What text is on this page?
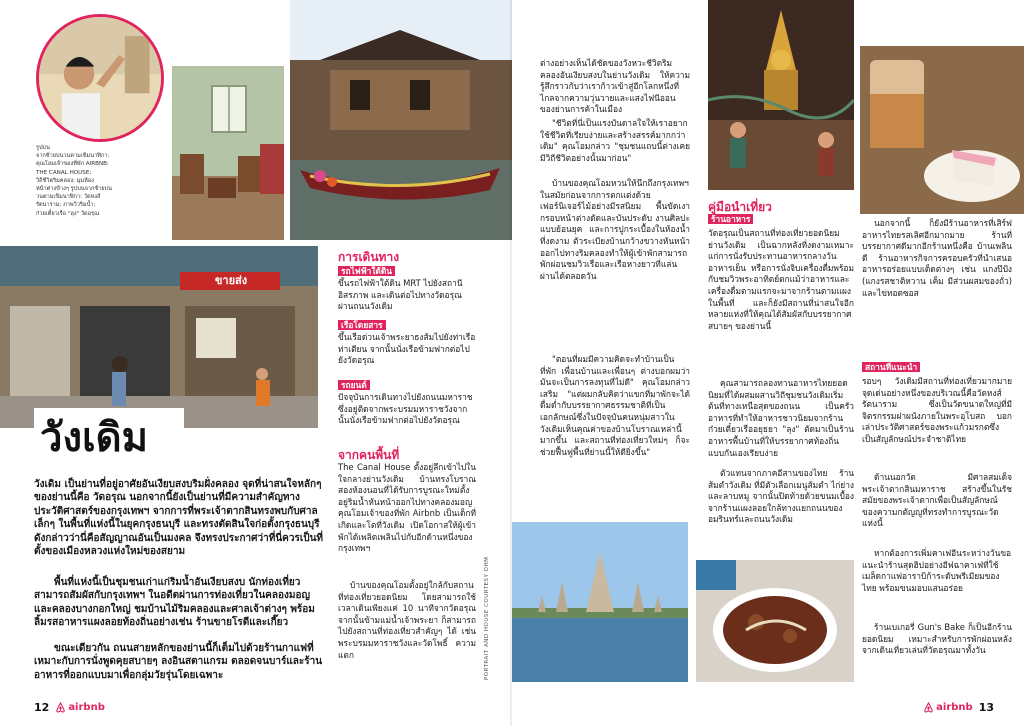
รูปบน
จากซ้ายบนวนตามเข็มนาฬิกา:
คุณโอมเจ้าของที่พัก AIRBNB:
THE CANAL HOUSE;
วิถีชีวิตริมคลอง; มุมห้อง
หน้าต่างข้างๆ รูปบนจากซ้ายบน
วนตามเข็มนาฬิกา: วัดหงส์
รัตนาราม; ภาพวิวริมน้ำ;
ก๋วยเตี๋ยวเรือ "ลุง" วัดอรุณ
ขายส่ง
วังเดิม
วังเดิม เป็นย่านที่อยู่อาศัยอันเงียบสงบริมฝั่งคลอง จุดที่น่าสนใจหลักๆ ของย่านนี้คือ วัดอรุณ นอกจากนี้ยังเป็นย่านที่มีความสำคัญทางประวัติศาสตร์ของกรุงเทพฯ จากการที่พระเจ้าตากสินทรงพบกับศาลเล็กๆ ในพื้นที่แห่งนี้ในยุคกรุงธนบุรี และทรงตัดสินใจก่อตั้งกรุงธนบุรีดังกล่าวว่านี่คือสัญญาณอันเป็นมงคล จึงทรงประกาศว่าที่นี่ควรเป็นที่ตั้งของเมืองหลวงแห่งใหม่ของสยาม
พื้นที่แห่งนี้เป็นชุมชนเก่าแก่ริมน้ำอันเงียบสงบ นักท่องเที่ยวสามารถสัมผัสกับกรุงเทพฯ ในอดีตผ่านการท่องเที่ยวในคลองมอญ และคลองบางกอกใหญ่ ชมบ้านไม้ริมคลองและศาลเจ้าต่างๆ พร้อมลิ้มรสอาหารแผงลอยท้องถิ่นอย่างเช่น ร้านขายโรตีและเกี๊ยว
ขณะเดียวกัน ถนนสายหลักของย่านนี้ก็เต็มไปด้วยร้านกาแฟที่เหมาะกับการนั่งพูดคุยสบายๆ ลงอินสตาแกรม ตลอดจนบาร์และร้านอาหารที่ออกแบบมาเพื่อกลุ่มวัยรุ่นโดยเฉพาะ
การเดินทาง
รถไฟฟ้าใต้ดิน
ขึ้นรถไฟฟ้าใต้ดิน MRT ไปยังสถานีอิสรภาพ และเดินต่อไปทางวัดอรุณผ่านถนนวังเดิม
เรือโดยสาร
ขึ้นเรือด่วนเจ้าพระยาธงส้มไปยังท่าเรือท่าเตียน จากนั้นนั่งเรือข้ามฟากต่อไปยังวัดอรุณ
รถยนต์
ปัจจุบันการเดินทางไปยังถนนมหาราชซึ่งอยู่ติดจากพระบรมมหาราชวังจากนั้นนั่งเรือข้ามฟากต่อไปยังวัดอรุณ
จากคนพื้นที่
The Canal House ตั้งอยู่ลึกเข้าไปในใจกลางย่านวังเดิม บ้านทรงโบราณสองห้องนอนที่ได้รับการบูรณะใหม่ตั้งอยู่ริมน้ำหันหน้าออกไปทางคลองมอญ คุณโอมเจ้าของที่พัก Airbnb เป็นเด็กที่เกิดและโตที่วังเดิม เปิดโอกาสให้ผู้เข้าพักได้เพลิดเพลินไปกับอีกด้านหนึ่งของกรุงเทพฯ
บ้านของคุณโอมตั้งอยู่ใกล้กับสถานที่ท่องเที่ยวยอดนิยม โดยสามารถใช้เวลาเดินเพียงแค่ 10 นาทีจากวัดอรุณ จากนั้นข้ามแม่น้ำเจ้าพระยา ก็สามารถไปยังสถานที่ท่องเที่ยวสำคัญๆ ได้ เช่น พระบรมมหาราชวังและวัดโพธิ์ ความแตก	PORTRAIT AND HOUSE COURTESY OHM
12 airbnb
ต่างอย่างเห็นได้ชัดของวังหวะชีวิตริมคลองอันเงียบสงบในย่านวังเดิม ให้ความรู้สึกราวกับว่าเราก้าวเข้าสู่อีกโลกหนึ่งที่ไกลจากความวุ่นวายและแสงไฟนีออนของย่านการค้าในเมือง
"ชีวิตที่นี่เป็นแรงบันดาลใจให้เราอยากใช้ชีวิตที่เรียบง่ายและสร้างสรรค์มากกว่าเดิม" คุณโอมกล่าว "ชุมชนแถบนี้ต่างเคยมีวิถีชีวิตอย่างนั้นมาก่อน"
บ้านของคุณโอมหวนให้นึกถึงกรุงเทพฯ ในสมัยก่อนจากการตกแต่งด้วยเฟอร์นิเจอร์ไม้อย่างมีรสนิยม พื้นขัดเงา กรอบหน้าต่างดัดและบันประดับ งานศิลปะแบบย้อนยุค และการปูกระเบื้องในห้องน้ำที่งดงาม ตัวระเบียงบ้านกว้างขวางหันหน้าออกไปทางริมคลองทำให้ผู้เข้าพักสามารถพักผ่อนชมวิวเรือและเรือหางยาวที่แล่นผ่านได้ตลอดวัน
"ตอนที่ผมมีความคิดจะทำบ้านเป็นที่พัก เพื่อนบ้านและเพื่อนๆ ต่างบอกผมว่ามันจะเป็นการลงทุนที่ไม่ดี" คุณโอมกล่าวเสริม "แต่ผมกลับคิดว่าแขกที่มาพักจะได้ดื่มด่ำกับบรรยากาศธรรมชาติที่เป็นเอกลักษณ์ซึ่งในปัจจุบันคนหนุ่มสาวในวังเดิมเห็นคุณค่าของบ้านโบราณเหล่านี้มากขึ้น และสถานที่ท่องเที่ยวใหม่ๆ ก็จะช่วยฟื้นฟูพื้นที่ย่านนี้ให้ดียิ่งขึ้น"
คู่มือนำเที่ยว
ร้านอาหาร
วัดอรุณเป็นสถานที่ท่องเที่ยวยอดนิยมย่านวังเดิม เป็นฉากหลังที่งดงามเหมาะแก่การนั่งรับประทานอาหารกลางวัน อาหารเย็น หรือการนั่งจิบเครื่องดื่มพร้อมกับชมวิวพระอาทิตย์ตกแม้ว่าอาหารและเครื่องดื่มตามแรกจะมาจากร้านตามแผงในพื้นที่ และก็ยังมีสถานที่น่าสนใจอีกหลายแห่งที่ให้คุณได้สัมผัสกับบรรยากาศสบายๆ ของย่านนี้
คุณสามารถลองทานอาหารไทยยอดนิยมที่ได้ผสมผสานวิถีชุมชนวังเดิมเริ่มต้นที่ทางเหนือสุดของถนน เป็นครัวอาหารที่ทำให้อาหารชาวนิยมจากร้าน ก๋วยเตี๋ยวเรืออยุธยา "ลุง" ตัดมาเป็นร้านอาหารพื้นบ้านที่ให้บรรยากาศท้องถิ่นแบบกันเองเรียบง่าย
ตัวแทนจากภาคอีสานของไทย ร้านส้มตำวังเดิม ที่มีตัวเลือกเมนูส้มตำ ไก่ย่าง และลาบหมู จากนั้นปิดท้ายด้วยขนมเบื้องจากร้านแผงลอยใกล้ทางแยกถนนของอมรินทร์และถนนวังเดิม
นอกจากนี้ ก็ยังมีร้านอาหารที่เสิร์ฟอาหารไทยรสเลิศอีกมากมาย ร้านที่บรรยากาศดีมากอีกร้านหนึ่งคือ บ้านเพลินดี ร้านอาหารกิจการครอบครัวที่นำเสนออาหารอร่อยแบบเด็ดต่างๆ เช่น แกงป๊ป้ง (แกงรสชาติหวาน เค็ม มีส่วนผสมของถั่ว) และไข่ทอดซอส
สถานที่แนะนำ
รอบๆ วังเดิมมีสถานที่ท่องเที่ยวมากมาย จุดเด่นอย่างหนึ่งของบริเวณนี้คือวัดหงส์รัตนาราม ซึ่งเป็นวัดขนาดใหญ่ที่มีจิตรกรรมฝาผนังภายในพระอุโบสถ บอกเล่าประวัติศาสตร์ของพระแก้วมรกตซึ่งเป็นสัญลักษณ์ประจำชาติไทย
ด้านนอกวัด มีศาลสมเด็จพระเจ้าตากสินมหาราช สร้างขึ้นในรัชสมัยของพระเจ้าตากเพื่อเป็นสัญลักษณ์ของความกตัญญูที่ทรงทำการบูรณะวัดแห่งนี้
หากต้องการเพิ่มคาเฟอีนระหว่างวันขอแนะนำร้านสุดฮิปอย่างอีฟฉาคาเฟ่ที่ใช้เมล็ดกาแฟอาราบิก้าระดับพรีเมียมของไทย พร้อมขนมอบแสนอร่อย
ร้านเบเกอรี่ Gun's Bake ก็เป็นอีกร้านยอดนิยม เหมาะสำหรับการพักผ่อนหลังจากเดินเที่ยวเล่นที่วัดอรุณมาทั้งวัน
airbnb 13
